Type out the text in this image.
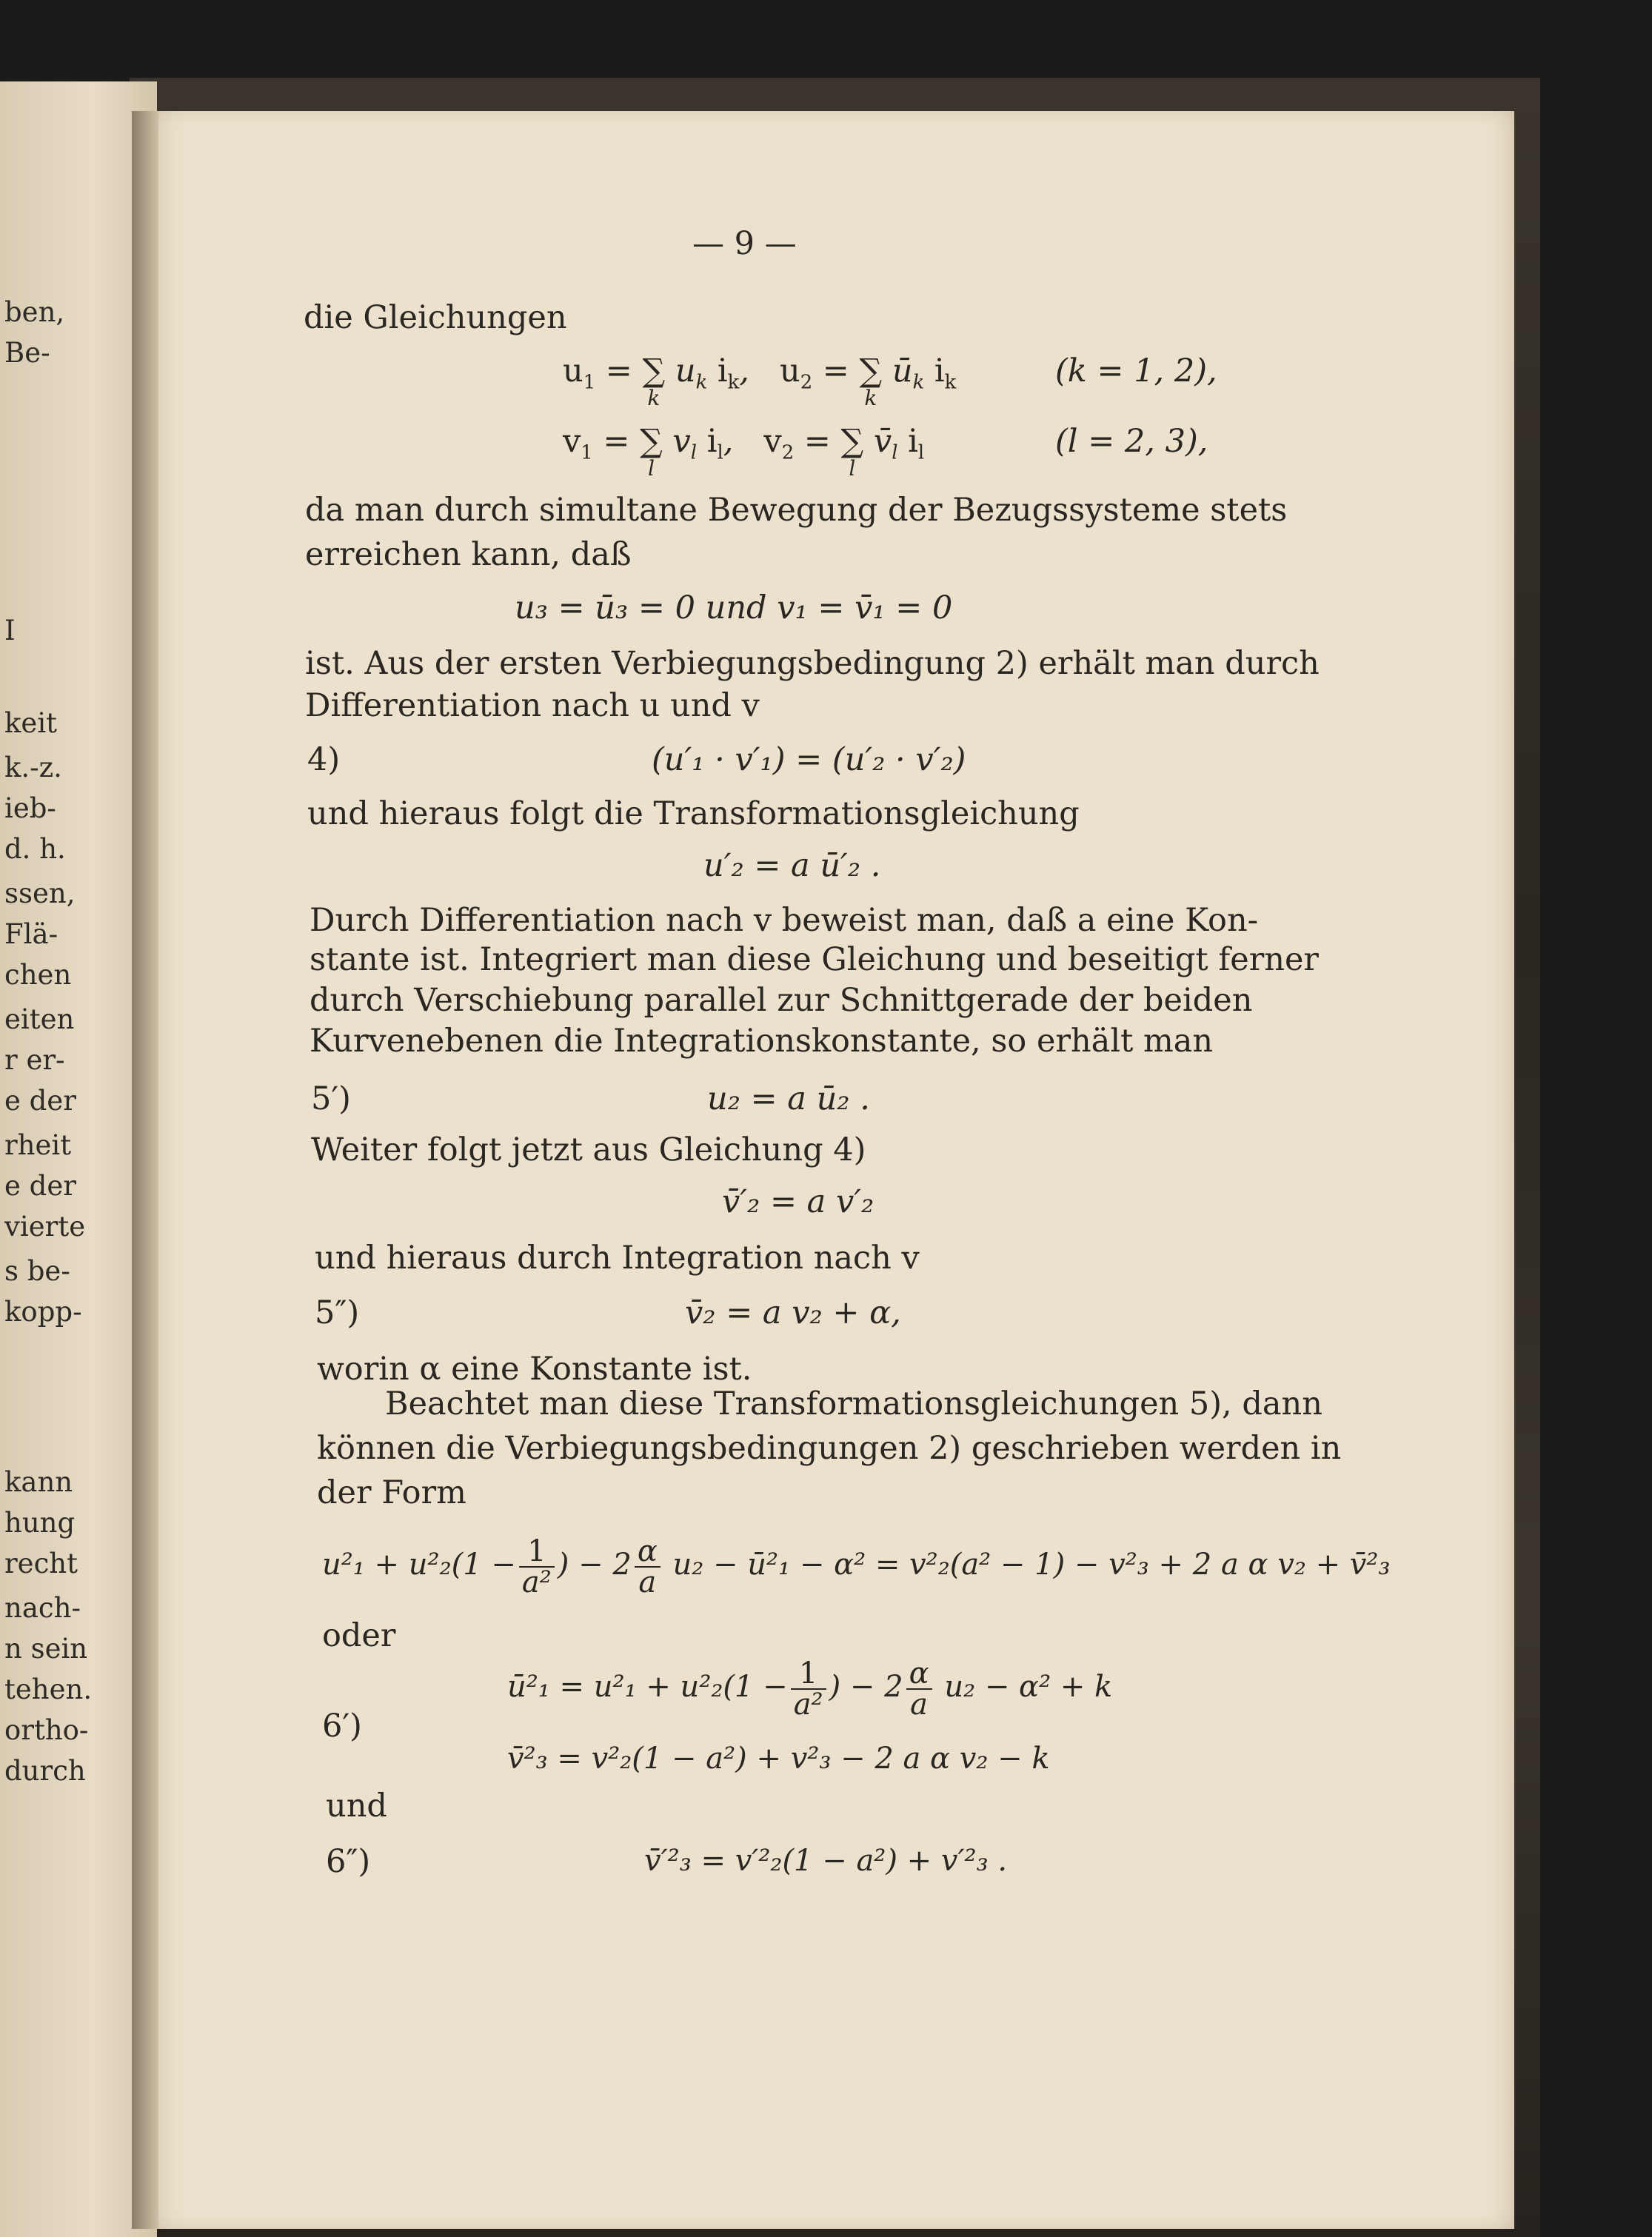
ben,
Be-
I
keit
k.-z.
ieb-
d. h.
ssen,
Flä-
chen
eiten
r er-
e der
rheit
e der
vierte
s be-
kopp-
kann
hung
recht
nach-
n sein
tehen.
ortho-
durch
— 9 —
die Gleichungen
$u_1$ = ∑
k
$u_k$ $i_k$,   $u_2$ = ∑
k
$ū_k$ $i_k$	(k = 1, 2),
$v_1$ = ∑
l
$v_l$ $i_l$,   $v_2$ = ∑
l
$v̄_l$ $i_l$	(l = 2, 3),
da man durch simultane Bewegung der Bezugssysteme stets
erreichen kann, daß
u₃ = ū₃ = 0 und v₁ = v̄₁ = 0
ist. Aus der ersten Verbiegungsbedingung 2) erhält man durch
Differentiation nach u und v
4)	(u′₁ · v′₁) = (u′₂ · v′₂)
und hieraus folgt die Transformationsgleichung
u′₂ = a ū′₂ .
Durch Differentiation nach v beweist man, daß a eine Kon-
stante ist. Integriert man diese Gleichung und beseitigt ferner
durch Verschiebung parallel zur Schnittgerade der beiden
Kurvenebenen die Integrationskonstante, so erhält man
5′)	u₂ = a ū₂ .
Weiter folgt jetzt aus Gleichung 4)
v̄′₂ = a v′₂
und hieraus durch Integration nach v
5″)	v̄₂ = a v₂ + α,
worin α eine Konstante ist.
Beachtet man diese Transformationsgleichungen 5), dann
können die Verbiegungsbedingungen 2) geschrieben werden in
der Form
$u^2_1 + u^2_2(1 - \frac{1}{\text{a²}}$ ) − $2 \frac{\alpha}{a} u_2$ − ū²₁ − α² = v²₂(a² − 1) − v²₃ + 2 a α v₂ + v̄²₃
oder
6′)
ū²₁ = $u^2_1 + u^2_2(1 - \frac{1}{\text{a²}}$ ) − $2 \frac{\alpha}{a} u_2 - \alpha^2 + k$
v̄²₃ = v²₂(1 − a²) + v²₃ − 2 a α v₂ − k
und
6″)	v̄′²₃ = v′²₂(1 − a²) + v′²₃ .
